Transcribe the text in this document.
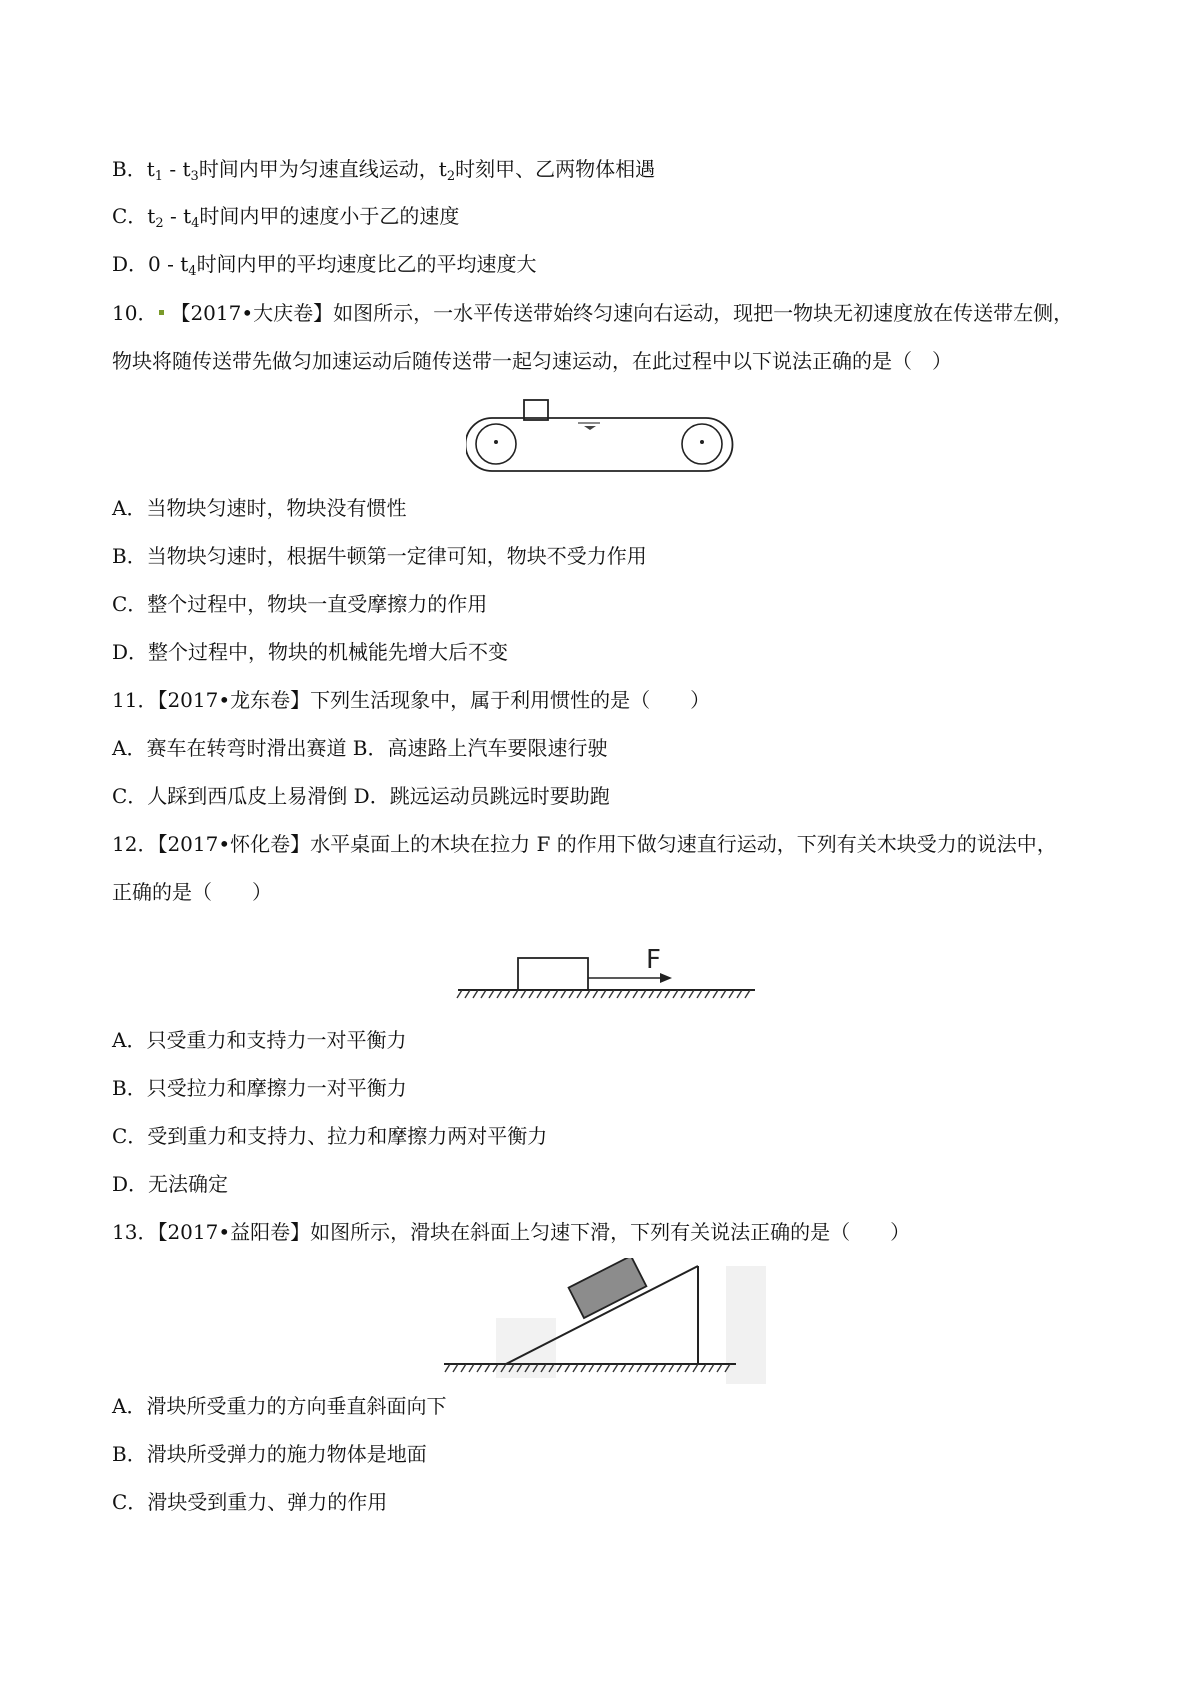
B．$t_1 - t_3$时间内甲为匀速直线运动，$t_2$时刻甲、乙两物体相遇
C．$t_2 - t_4$时间内甲的速度小于乙的速度
D．$0 - t_4$时间内甲的平均速度比乙的平均速度大
10． 【2017•大庆卷】如图所示，一水平传送带始终匀速向右运动，现把一物块无初速度放在传送带左侧，
物块将随传送带先做匀加速运动后随传送带一起匀速运动，在此过程中以下说法正确的是（　）
A．当物块匀速时，物块没有惯性
B．当物块匀速时，根据牛顿第一定律可知，物块不受力作用
C．整个过程中，物块一直受摩擦力的作用
D．整个过程中，物块的机械能先增大后不变
11．【2017•龙东卷】下列生活现象中，属于利用惯性的是（　　）
A．赛车在转弯时滑出赛道 B．高速路上汽车要限速行驶
C．人踩到西瓜皮上易滑倒 D．跳远运动员跳远时要助跑
12．【2017•怀化卷】水平桌面上的木块在拉力 F 的作用下做匀速直行运动，下列有关木块受力的说法中，
正确的是（　　）
F
A．只受重力和支持力一对平衡力
B．只受拉力和摩擦力一对平衡力
C．受到重力和支持力、拉力和摩擦力两对平衡力
D．无法确定
13．【2017•益阳卷】如图所示，滑块在斜面上匀速下滑，下列有关说法正确的是（　　）
A．滑块所受重力的方向垂直斜面向下
B．滑块所受弹力的施力物体是地面
C．滑块受到重力、弹力的作用
